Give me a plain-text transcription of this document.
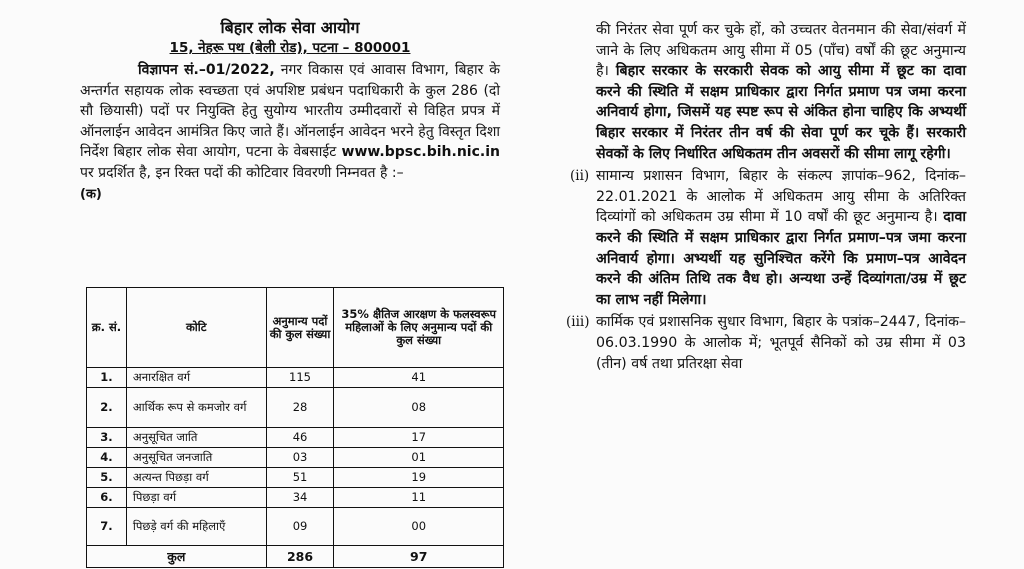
बिहार लोक सेवा आयोग
15, नेहरू पथ (बेली रोड), पटना – 800001
विज्ञापन सं.–01/2022, नगर विकास एवं आवास विभाग, बिहार के अन्तर्गत सहायक लोक स्वच्छता एवं अपशिष्ट प्रबंधन पदाधिकारी के कुल 286 (दो सौ छियासी) पदों पर नियुक्ति हेतु सुयोग्य भारतीय उम्मीदवारों से विहित प्रपत्र में ऑनलाईन आवेदन आमंत्रित किए जाते हैं। ऑनलाईन आवेदन भरने हेतु विस्तृत दिशा निर्देश बिहार लोक सेवा आयोग, पटना के वेबसाईट www.bpsc.bih.nic.in पर प्रदर्शित है, इन रिक्त पदों की कोटिवार विवरणी निम्नवत है :–
(क)
क्र. सं.	कोटि	अनुमान्य पदों की कुल संख्या	35% क्षैतिज आरक्षण के फलस्वरूप महिलाओं के लिए अनुमान्य पदों की कुल संख्या
1.	अनारक्षित वर्ग	115	41
2.	आर्थिक रूप से कमजोर वर्ग	28	08
3.	अनुसूचित जाति	46	17
4.	अनुसूचित जनजाति	03	01
5.	अत्यन्त पिछड़ा वर्ग	51	19
6.	पिछड़ा वर्ग	34	11
7.	पिछड़े वर्ग की महिलाएँ	09	00
कुल		286	97
की निरंतर सेवा पूर्ण कर चुके हों, को उच्चतर वेतनमान की सेवा/संवर्ग में जाने के लिए अधिकतम आयु सीमा में 05 (पाँच) वर्षों की छूट अनुमान्य है। बिहार सरकार के सरकारी सेवक को आयु सीमा में छूट का दावा करने की स्थिति में सक्षम प्राधिकार द्वारा निर्गत प्रमाण पत्र जमा करना अनिवार्य होगा, जिसमें यह स्पष्ट रूप से अंकित होना चाहिए कि अभ्यर्थी बिहार सरकार में निरंतर तीन वर्ष की सेवा पूर्ण कर चूके हैं। सरकारी सेवकों के लिए निर्धारित अधिकतम तीन अवसरों की सीमा लागू रहेगी।
(ii) सामान्य प्रशासन विभाग, बिहार के संकल्प ज्ञापांक–962, दिनांक–22.01.2021 के आलोक में अधिकतम आयु सीमा के अतिरिक्त दिव्यांगों को अधिकतम उम्र सीमा में 10 वर्षों की छूट अनुमान्य है। दावा करने की स्थिति में सक्षम प्राधिकार द्वारा निर्गत प्रमाण–पत्र जमा करना अनिवार्य होगा। अभ्यर्थी यह सुनिश्चित करेंगे कि प्रमाण–पत्र आवेदन करने की अंतिम तिथि तक वैध हो। अन्यथा उन्हें दिव्यांगता/उम्र में छूट का लाभ नहीं मिलेगा।
(iii) कार्मिक एवं प्रशासनिक सुधार विभाग, बिहार के पत्रांक–2447, दिनांक– 06.03.1990 के आलोक में; भूतपूर्व सैनिकों को उम्र सीमा में 03 (तीन) वर्ष तथा प्रतिरक्षा सेवा
